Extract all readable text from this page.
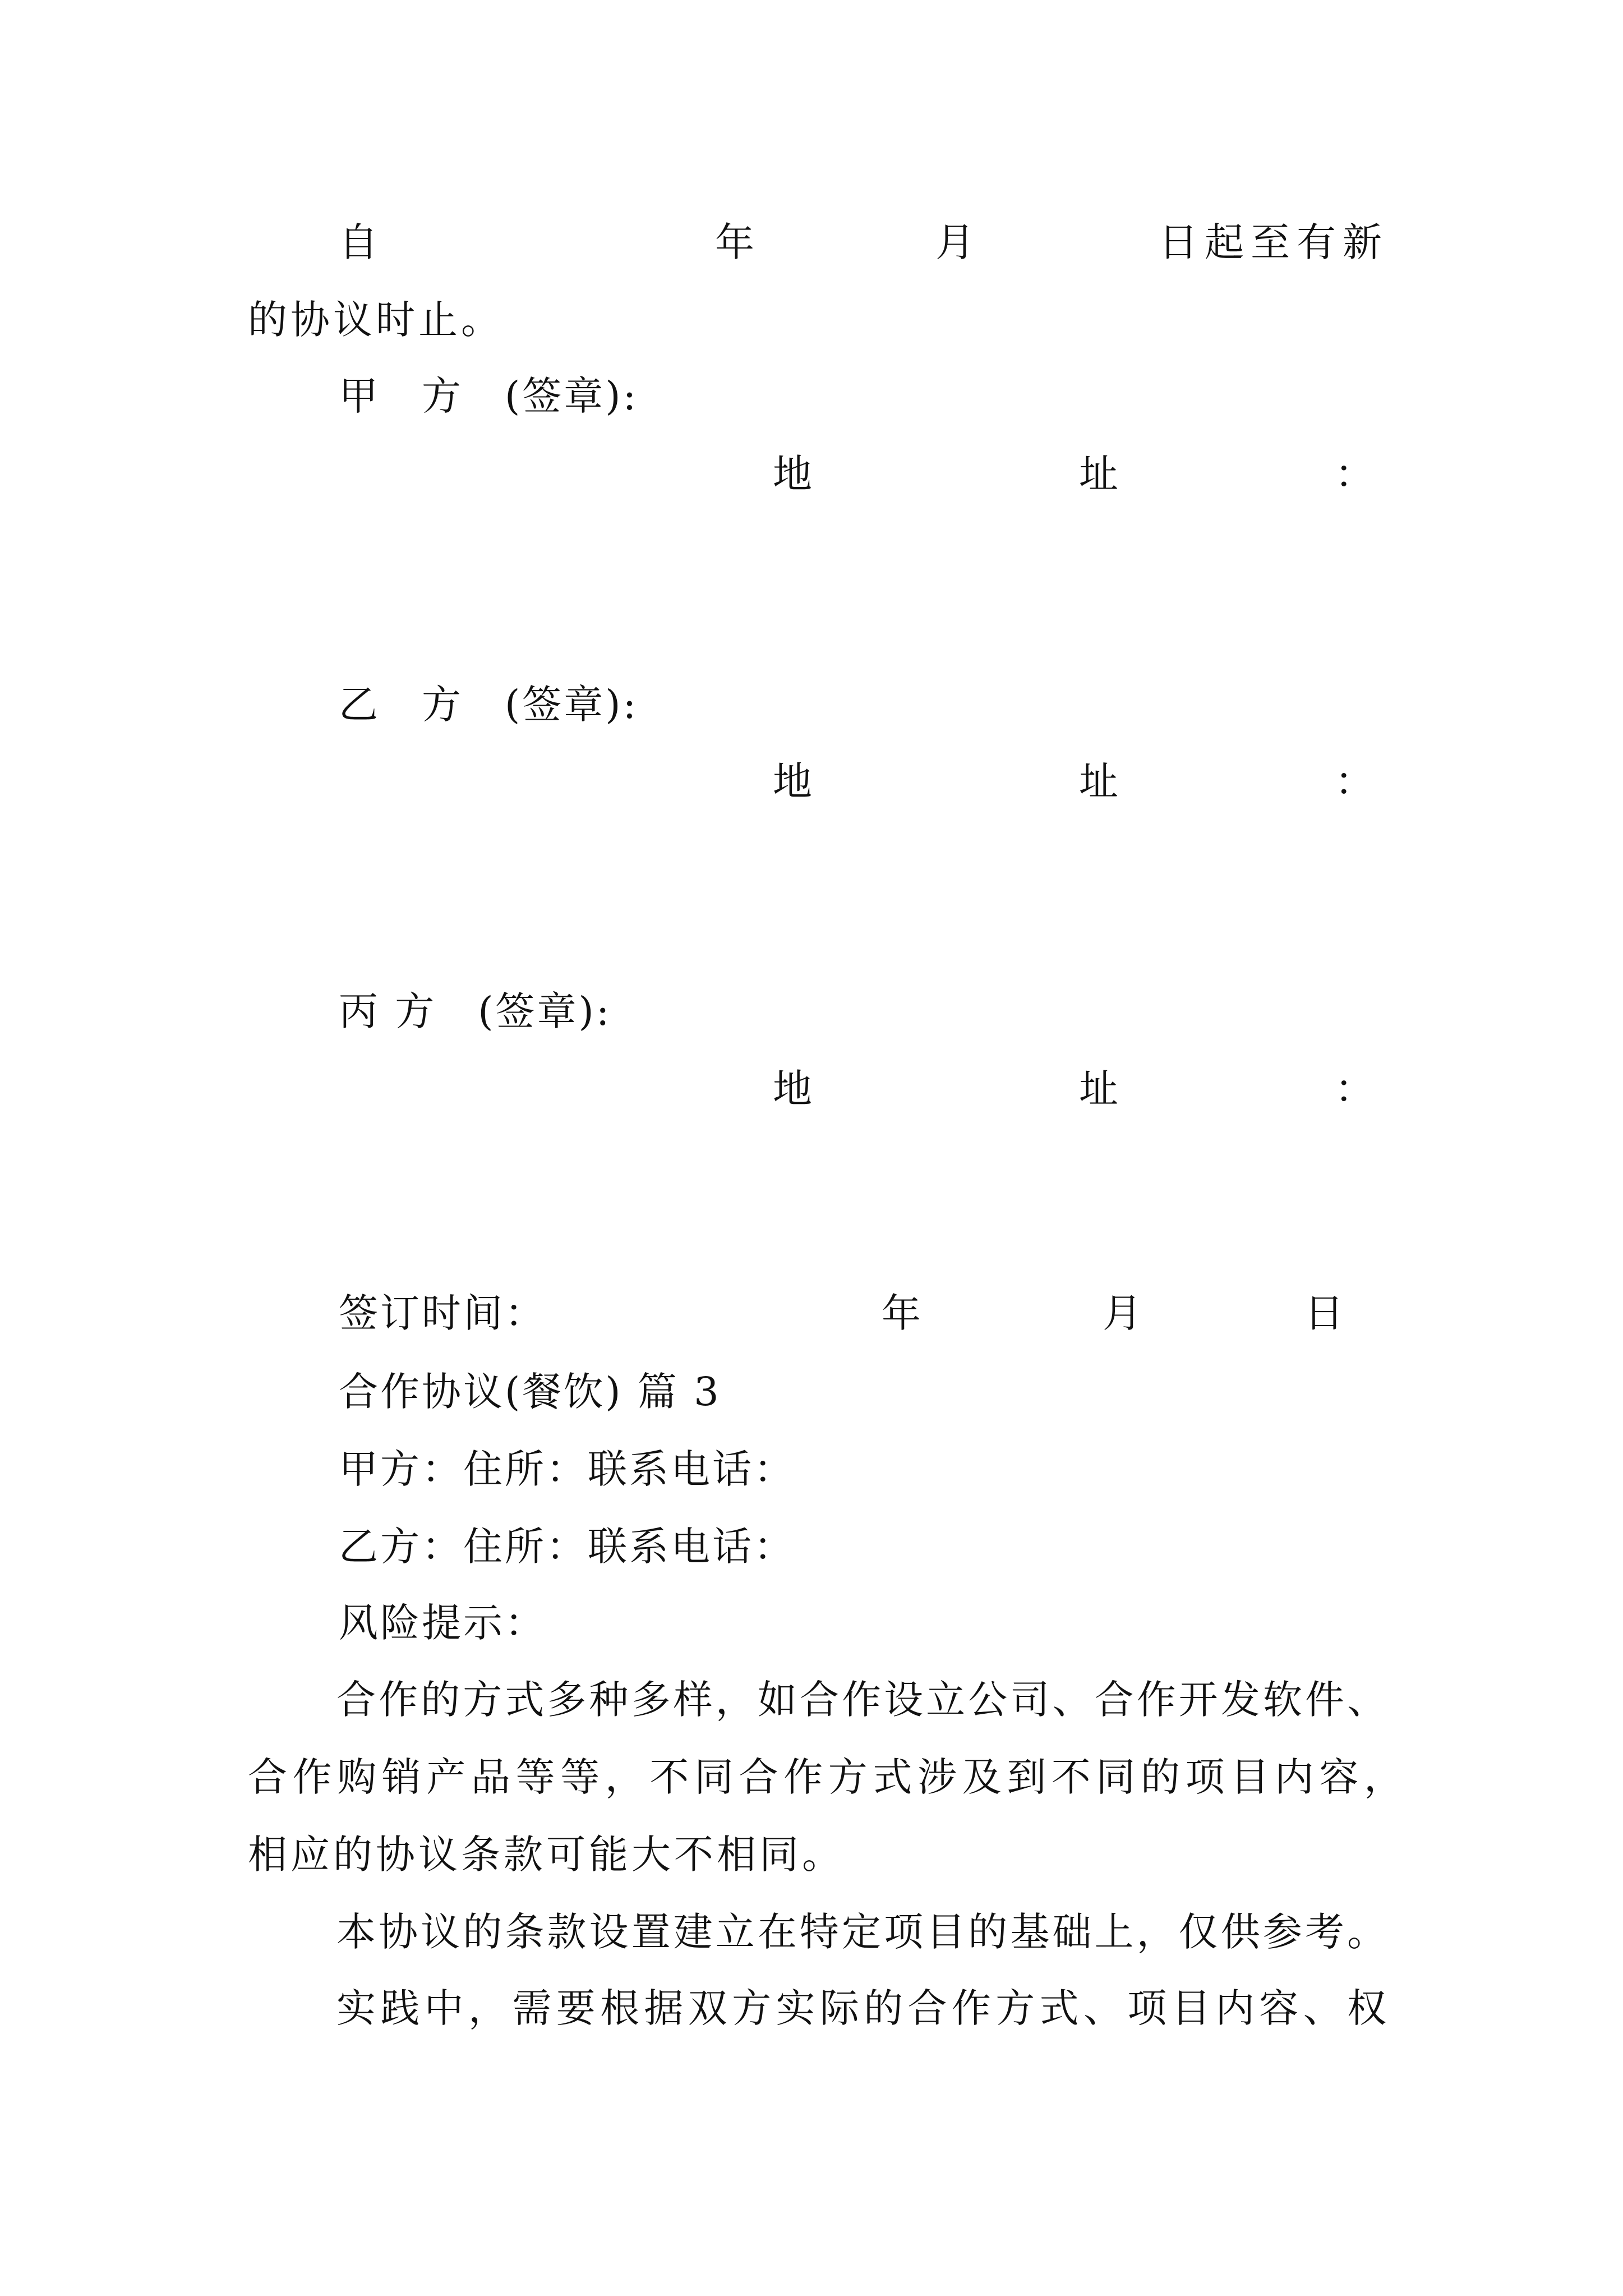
自	年	月	日起至有新
的协议时止。
甲　方　(签章):
地	址	：
乙　方　(签章):
地	址	：
丙 方　(签章):
地	址	：
签订时间：	年	月	日
合作协议(餐饮) 篇 3
甲方：住所：联系电话：
乙方：住所：联系电话：
风险提示：
合作的方式多种多样，如合作设立公司、合作开发软件、
合作购销产品等等，不同合作方式涉及到不同的项目内容，
相应的协议条款可能大不相同。
本协议的条款设置建立在特定项目的基础上，仅供参考。
实践中，需要根据双方实际的合作方式、项目内容、权
